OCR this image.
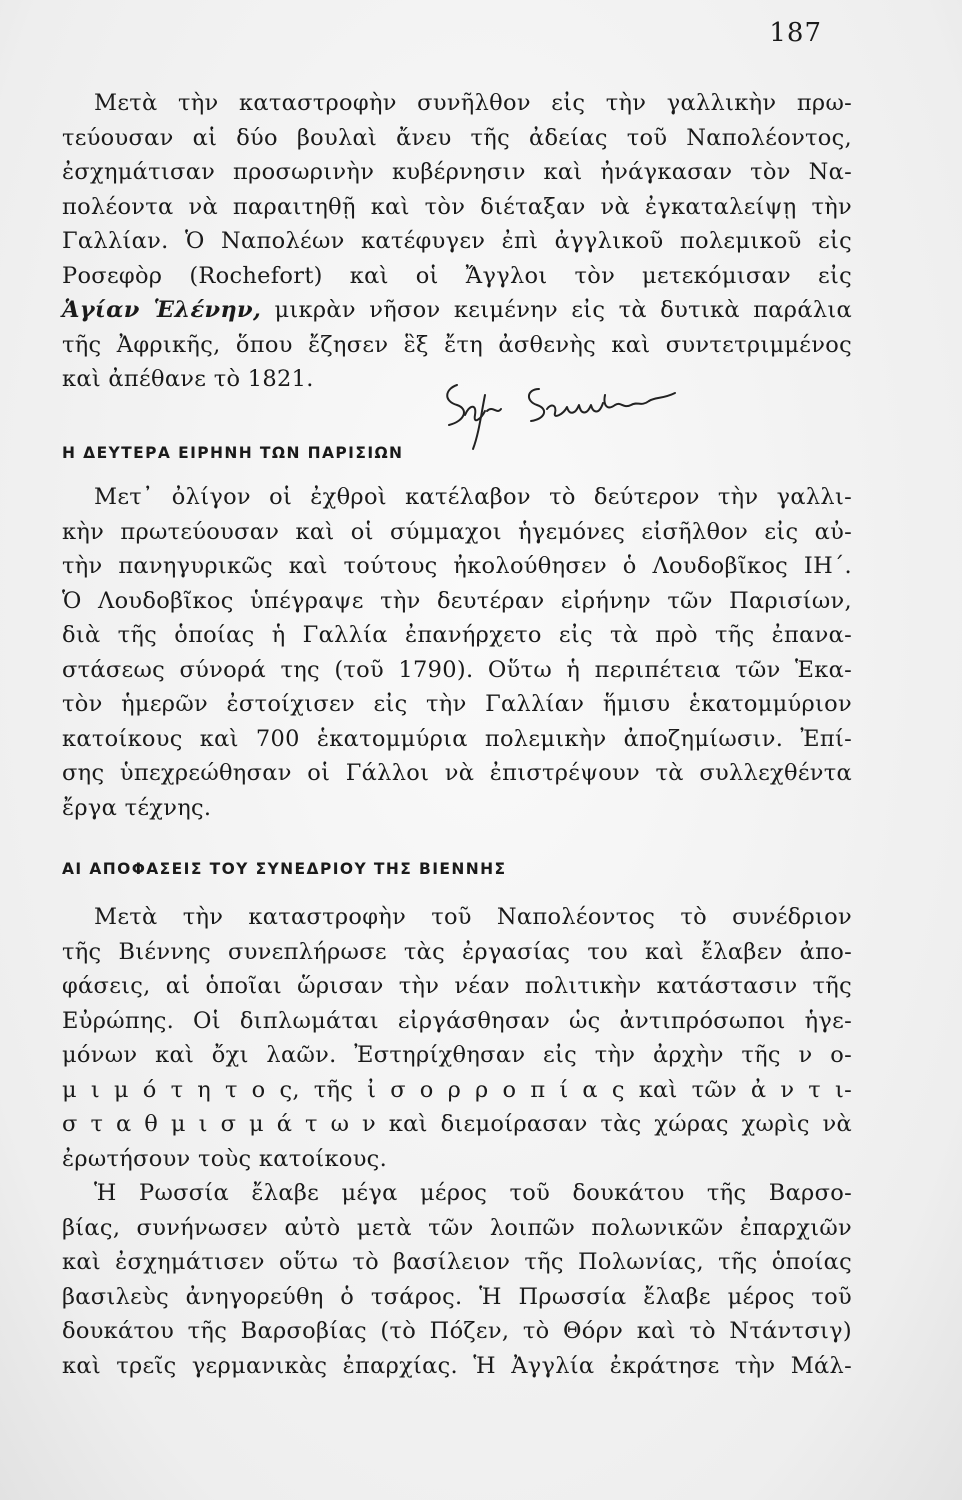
187
Μετὰ τὴν καταστροφὴν συνῆλθον εἰς τὴν γαλλικὴν πρω-
τεύουσαν αἱ δύο βουλαὶ ἄνευ τῆς ἀδείας τοῦ Ναπολέοντος,
ἐσχημάτισαν προσωρινὴν κυβέρνησιν καὶ ἠνάγκασαν τὸν Να-
πολέοντα νὰ παραιτηθῇ καὶ τὸν διέταξαν νὰ ἐγκαταλείψῃ τὴν
Γαλλίαν. Ὁ Ναπολέων κατέφυγεν ἐπὶ ἀγγλικοῦ πολεμικοῦ εἰς
Ροσεφὸρ (Rochefort) καὶ οἱ Ἄγγλοι τὸν μετεκόμισαν εἰς
Ἁγίαν Ἑλένην, μικρὰν νῆσον κειμένην εἰς τὰ δυτικὰ παράλια
τῆς Ἀφρικῆς, ὅπου ἔζησεν ἓξ ἔτη ἀσθενὴς καὶ συντετριμμένος
καὶ ἀπέθανε τὸ 1821.
Η ΔΕΥΤΕΡΑ ΕΙΡΗΝΗ ΤΩΝ ΠΑΡΙΣΙΩΝ
Μετ᾽ ὀλίγον οἱ ἐχθροὶ κατέλαβον τὸ δεύτερον τὴν γαλλι-
κὴν πρωτεύουσαν καὶ οἱ σύμμαχοι ἡγεμόνες εἰσῆλθον εἰς αὐ-
τὴν πανηγυρικῶς καὶ τούτους ἠκολούθησεν ὁ Λουδοβῖκος ΙΗ΄.
Ὁ Λουδοβῖκος ὑπέγραψε τὴν δευτέραν εἰρήνην τῶν Παρισίων,
διὰ τῆς ὁποίας ἡ Γαλλία ἐπανήρχετο εἰς τὰ πρὸ τῆς ἐπανα-
στάσεως σύνορά της (τοῦ 1790). Οὕτω ἡ περιπέτεια τῶν Ἑκα-
τὸν ἡμερῶν ἐστοίχισεν εἰς τὴν Γαλλίαν ἥμισυ ἑκατομμύριον
κατοίκους καὶ 700 ἑκατομμύρια πολεμικὴν ἀποζημίωσιν. Ἐπί-
σης ὑπεχρεώθησαν οἱ Γάλλοι νὰ ἐπιστρέψουν τὰ συλλεχθέντα
ἔργα τέχνης.
ΑΙ ΑΠΟΦΑΣΕΙΣ ΤΟΥ ΣΥΝΕΔΡΙΟΥ ΤΗΣ ΒΙΕΝΝΗΣ
Μετὰ τὴν καταστροφὴν τοῦ Ναπολέοντος τὸ συνέδριον
τῆς Βιέννης συνεπλήρωσε τὰς ἐργασίας του καὶ ἔλαβεν ἀπο-
φάσεις, αἱ ὁποῖαι ὥρισαν τὴν νέαν πολιτικὴν κατάστασιν τῆς
Εὐρώπης. Οἱ διπλωμάται εἰργάσθησαν ὡς ἀντιπρόσωποι ἡγε-
μόνων καὶ ὄχι λαῶν. Ἐστηρίχθησαν εἰς τὴν ἀρχὴν τῆς ν ο-
μ ι μ ό τ η τ ο ς, τῆς ἰ σ ο ρ ρ ο π ί α ς καὶ τῶν ἀ ν τ ι-
σ τ α θ μ ι σ μ ά τ ω ν καὶ διεμοίρασαν τὰς χώρας χωρὶς νὰ
ἐρωτήσουν τοὺς κατοίκους.
Ἡ Ρωσσία ἔλαβε μέγα μέρος τοῦ δουκάτου τῆς Βαρσο-
βίας, συνήνωσεν αὐτὸ μετὰ τῶν λοιπῶν πολωνικῶν ἐπαρχιῶν
καὶ ἐσχημάτισεν οὕτω τὸ βασίλειον τῆς Πολωνίας, τῆς ὁποίας
βασιλεὺς ἀνηγορεύθη ὁ τσάρος. Ἡ Πρωσσία ἔλαβε μέρος τοῦ
δουκάτου τῆς Βαρσοβίας (τὸ Πόζεν, τὸ Θόρν καὶ τὸ Ντάντσιγ)
καὶ τρεῖς γερμανικὰς ἐπαρχίας. Ἡ Ἀγγλία ἐκράτησε τὴν Μάλ-
